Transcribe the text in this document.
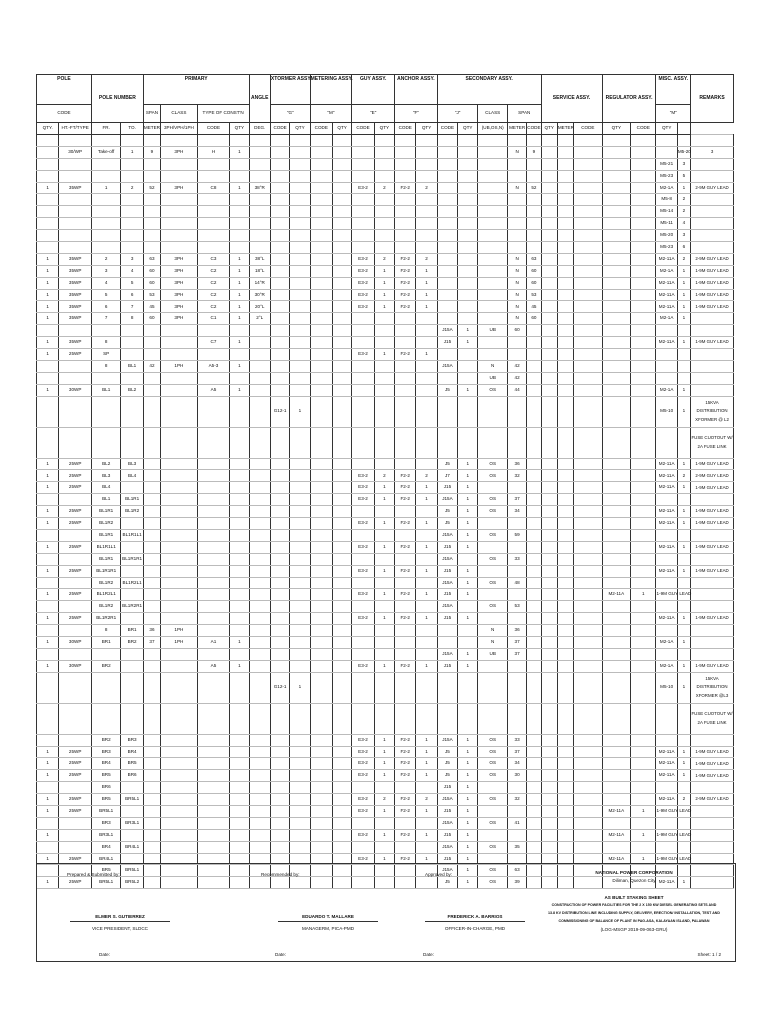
POLE		POLE NUMBER		PRIMARY				ANGLE	XTORMER ASSY.		METERING ASSY.		GUY ASSY.		ANCHOR ASSY.		SECONDARY ASSY.					SERVICE ASSY.			REGULATOR ASSY.		MISC. ASSY.		REMARKS
CODE				SPAN	CLASS	TYPE OF CONST'N			"G"		"M"		"E"		"F"		"J"		CLASS	SPAN							"M"		
QTY.	HT.-FT/TYPE	FR.	TO.	METER	3PH/VPH/1PH	CODE	QTY	DEG.	CODE	QTY	CODE	QTY	CODE	QTY	CODE	QTY	CODE	QTY	(UB,OS,N)	METER	CODE	QTY	METER	CODE	QTY	CODE	QTY		

	30/WP	Take-off	1	9	3PH	H	1													N	9							M5-20	3
																											M5-21	3	
																											M5-23	5	
1	35WP	1	2	52	3PH	C8	1	38°R					E3-2	2	F2-2	2				N	52						M2-1A	1	2-9M GUY LEAD
																											M5-8	2	
																											M5-14	2	
																											M5-11	4	
																											M5-20	3	
																											M5-23	6	
1	35WP	2	3	63	3PH	C3	1	38°L					E3-2	2	F2-2	2				N	63						M2-11A	2	2-9M GUY LEAD
1	35WP	3	4	60	3PH	C2	1	18°L					E3-2	1	F2-2	1				N	60						M2-1A	1	1-9M GUY LEAD
1	35WP	4	5	60	3PH	C2	1	14°R					E3-2	1	F2-2	1				N	60						M2-11A	1	1-9M GUY LEAD
1	35WP	5	6	53	3PH	C2	1	30°R					E3-2	1	F2-2	1				N	53						M2-11A	1	1-9M GUY LEAD
1	35WP	6	7	45	3PH	C2	1	20°L					E3-2	1	F2-2	1				N	45						M2-11A	1	1-9M GUY LEAD
1	35WP	7	8	60	3PH	C1	1	2°L												N	60						M2-1A	1	
																	J15A	1	UB	60									
1	35WP	8				C7	1										J15	1									M2-11A	1	1-9M GUY LEAD
1	25WP	SP											E3-2	1	F2-2	1													
		8	BL1	42	1PH	A5-3	1										J15A		N	42									
																			UB	42									
1	30WP	BL1	BL2			A5	1										J5	1	OS	44							M2-1A	1	
									G12-1	1																	M5-10	1	15KVA DISTRIBUTION XFORMER @ L2
																													FUSE CUOTOUT W/ 2A FUSE LINK
1	25WP	BL2	BL3														J5	1	OS	36							M2-11A	1	1-9M GUY LEAD
1	25WP	BL3	BL4										E3-2	2	F2-2	2	J7	1	OS	32							M2-11A	2	2-9M GUY LEAD
1	25WP	BL4											E3-2	1	F2-2	1	J15	1									M2-11A	1	1-9M GUY LEAD
		BL1	BL1R1										E3-2	1	F2-2	1	J15A	1	OS	37									
1	25WP	BL1R1	BL1R2														J5	1	OS	34							M2-11A	1	1-9M GUY LEAD
1	25WP	BL1R2											E3-2	1	F2-2	1	J5	1									M2-11A	1	1-9M GUY LEAD
		BL1R1	BL1R1L1														J15A	1	OS	59									
1	25WP	BL1R1L1											E3-2	1	F2-2	1	J15	1									M2-11A	1	1-9M GUY LEAD
		BL1R1	BL1R1R1														J15A		OS	33									
1	25WP	BL1R1R1											E3-2	1	F2-2	1	J15	1									M2-11A	1	1-9M GUY LEAD
		BL1R2	BL1R2L1														J15A	1	OS	48									
1	25WP	BL1R2L1											E3-2	1	F2-2	1	J15	1							M2-11A	1	1-9M GUY LEAD		
		BL1R2	BL1R2R1														J15A		OS	53									
1	25WP	BL1R2R1											E3-2	1	F2-2	1	J15	1									M2-11A	1	1-9M GUY LEAD
		8	BR1	36	1PH														N	36									
1	30WP	BR1	BR2	37	1PH	A1	1												N	37							M2-1A	1	
																	J15A	1	UB	37									
1	30WP	BR2				A5	1						E3-2	1	F2-2	1	J15	1									M2-1A	1	1-9M GUY LEAD
									G12-1	1																	M5-10	1	15KVA DISTRIBUTION XFORMER @L3
																													FUSE CUOTOUT W/ 2A FUSE LINK
		BR2	BR3										E3-2	1	F2-2	1	J15A	1	OS	33									
1	25WP	BR3	BR4										E3-2	1	F2-2	1	J5	1	OS	37							M2-11A	1	1-9M GUY LEAD
1	25WP	BR4	BR5										E3-2	1	F2-2	1	J5	1	OS	34							M2-11A	1	1-9M GUY LEAD
1	25WP	BR5	BR6										E3-2	1	F2-2	1	J5	1	OS	30							M2-11A	1	1-9M GUY LEAD
		BR6															J15	1											
1	25WP	BR5	BR5L1										E3-2	2	F2-2	2	J15A	1	OS	32							M2-11A	2	2-9M GUY LEAD
1	25WP	BR5L1											E3-2	1	F2-2	1	J15	1							M2-11A	1	1-9M GUY LEAD		
		BR3	BR3L1														J15A	1	OS	41									
1		BR3L1											E3-2	1	F2-2	1	J15	1							M2-11A	1	1-9M GUY LEAD		
		BR4	BR4L1														J15A	1	OS	35									
1	25WP	BR4L1											E3-2	1	F2-2	1	J15	1							M2-11A	1	1-9M GUY LEAD		
		BR5	BR5L1														J15A	1	OS	63									
1	25WP	BR5L1	BR5L2														J5	1	OS	39							M2-11A	1	
Prepared & Submitted by:
ELMER S. GUTIERREZ
VICE PRESIDENT, SLDCC
Date:
Recommended by:
EDUARDO T. MALLARE
MANAGERM, PICA-PMD
Date:
Approved by:
FREDERICK A. BARRIOS
OFFICER-IN-CHARGE, PMD
Date:
NATIONAL POWER CORPORATION
Diliman, Quezon City
AS BUILT STAKING SHEET
CONSTRUCTION OF POWER FACILITIES FOR THE 2 X 150 KW DIESEL GENERATING SETS AND
13.8 KV DISTRIBUTION LINE INCLUDING SUPPLY, DELIVERY, ERECTION/ INSTALLATION, TEST AND
COMMISSIONING OF BALANCE OF PLANT IN PAG-ASA, KALAYAAN ISLAND, PALAWAN
(LOG-MSGP 2019-09-063-GRU)
Sheet: 1 / 2
